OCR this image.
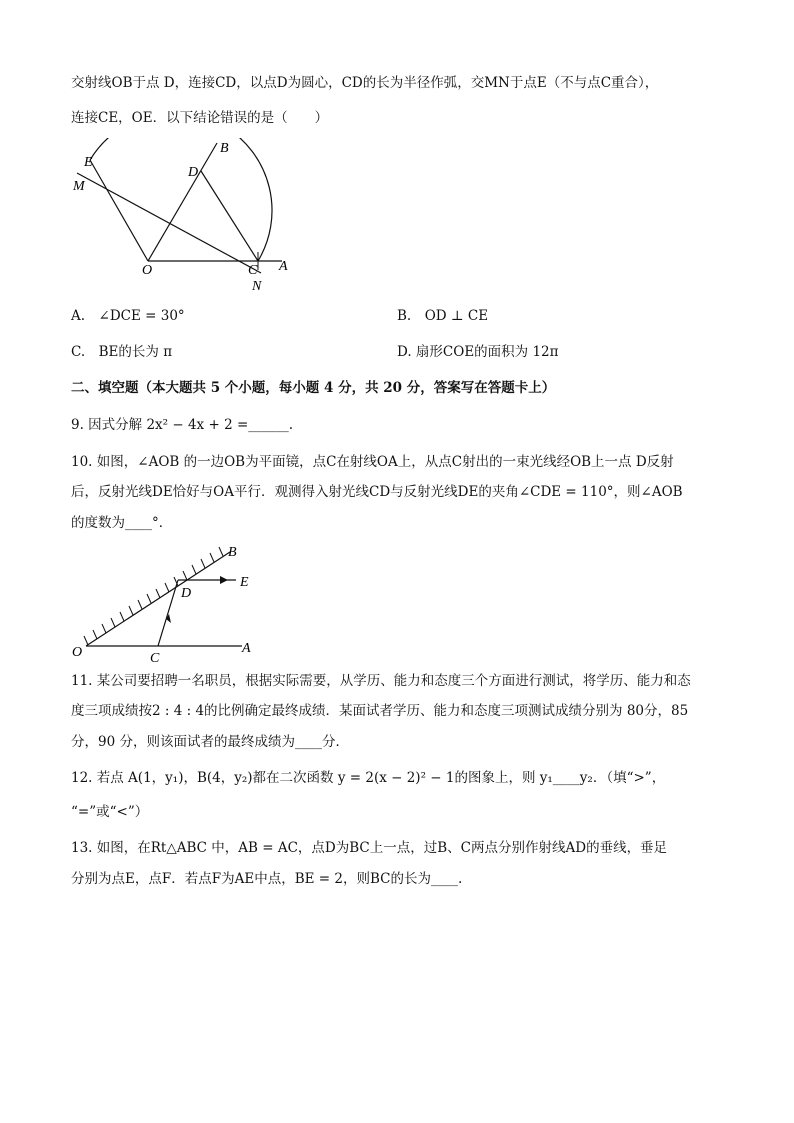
交射线OB于点 D，连接CD，以点D为圆心，CD的长为半径作弧，交MN于点E（不与点C重合），
连接CE，OE．以下结论错误的是（　　）
E
B
D
M
O	C A
N
A.　∠DCE = 30°	B.　OD ⊥ CE
C.　BE的长为 π	D. 扇形COE的面积为 12π
二、填空题（本大题共 5 个小题，每小题 4 分，共 20 分，答案写在答题卡上）
9. 因式分解 2x² − 4x + 2 =______.
10. 如图，∠AOB 的一边OB为平面镜，点C在射线OA上，从点C射出的一束光线经OB上一点 D反射
后，反射光线DE恰好与OA平行．观测得入射光线CD与反射光线DE的夹角∠CDE = 110°，则∠AOB
的度数为____°．
B
E
D
O	C
A
11. 某公司要招聘一名职员，根据实际需要，从学历、能力和态度三个方面进行测试，将学历、能力和态
度三项成绩按2 : 4 : 4的比例确定最终成绩．某面试者学历、能力和态度三项测试成绩分别为 80分，85
分，90 分，则该面试者的最终成绩为____分．
12. 若点 A(1，y₁)，B(4，y₂)都在二次函数 y = 2(x − 2)² − 1的图象上，则 y₁____y₂．（填“>”，
“=”或“<”）
13. 如图，在Rt△ABC 中，AB = AC，点D为BC上一点，过B、C两点分别作射线AD的垂线，垂足
分别为点E，点F．若点F为AE中点，BE = 2，则BC的长为____.
